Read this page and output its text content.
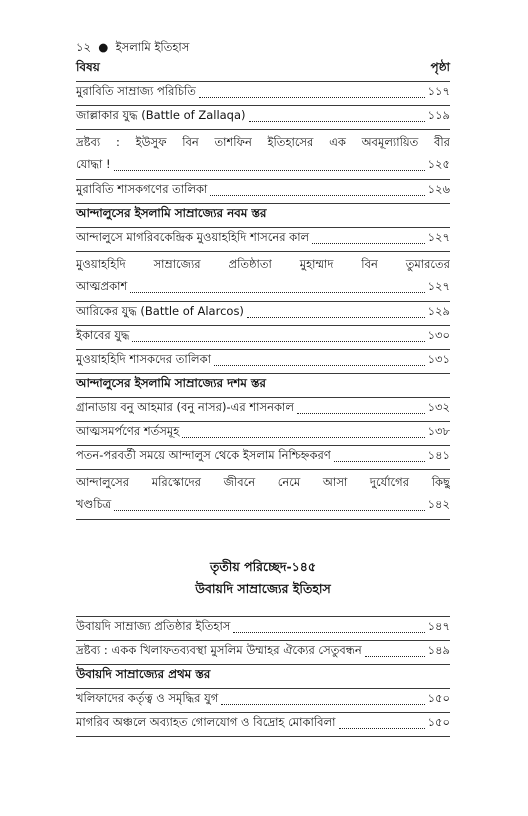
১২  ●  ইসলামি ইতিহাস
বিষয়	পৃষ্ঠা
মুরাবিতি সাম্রাজ্য পরিচিতি	১১৭
জাল্লাকার যুদ্ধ (Battle of Zallaqa)	১১৯
দ্রষ্টব্য : ইউসুফ বিন তাশফিন ইতিহাসের এক অবমূল্যায়িত বীর
যোদ্ধা !	১২৫
মুরাবিতি শাসকগণের তালিকা	১২৬
আন্দালুসের ইসলামি সাম্রাজ্যের নবম স্তর
আন্দালুসে মাগরিবকেন্দ্রিক মুওয়াহহিদি শাসনের কাল	১২৭
মুওয়াহহিদি সাম্রাজ্যের প্রতিষ্ঠাতা মুহাম্মাদ বিন তুমারতের
আত্মপ্রকাশ	১২৭
আরিকের যুদ্ধ (Battle of Alarcos)	১২৯
ইকাবের যুদ্ধ	১৩০
মুওয়াহহিদি শাসকদের তালিকা	১৩১
আন্দালুসের ইসলামি সাম্রাজ্যের দশম স্তর
গ্রানাডায় বনু আহমার (বনু নাসর)-এর শাসনকাল	১৩২
আত্মসমর্পণের শর্তসমূহ	১৩৮
পতন-পরবর্তী সময়ে আন্দালুস থেকে ইসলাম নিশ্চিহ্নকরণ	১৪১
আন্দালুসের মরিস্কোদের জীবনে নেমে আসা দুর্যোগের কিছু
খণ্ডচিত্র	১৪২
তৃতীয় পরিচ্ছেদ-১৪৫
উবায়দি সাম্রাজ্যের ইতিহাস
উবায়দি সাম্রাজ্য প্রতিষ্ঠার ইতিহাস	১৪৭
দ্রষ্টব্য : একক খিলাফতব্যবস্থা মুসলিম উম্মাহর ঐক্যের সেতুবন্ধন	১৪৯
উবায়দি সাম্রাজ্যের প্রথম স্তর
খলিফাদের কর্তৃত্ব ও সমৃদ্ধির যুগ	১৫০
মাগরিব অঞ্চলে অব্যাহত গোলযোগ ও বিদ্রোহ মোকাবিলা	১৫০
